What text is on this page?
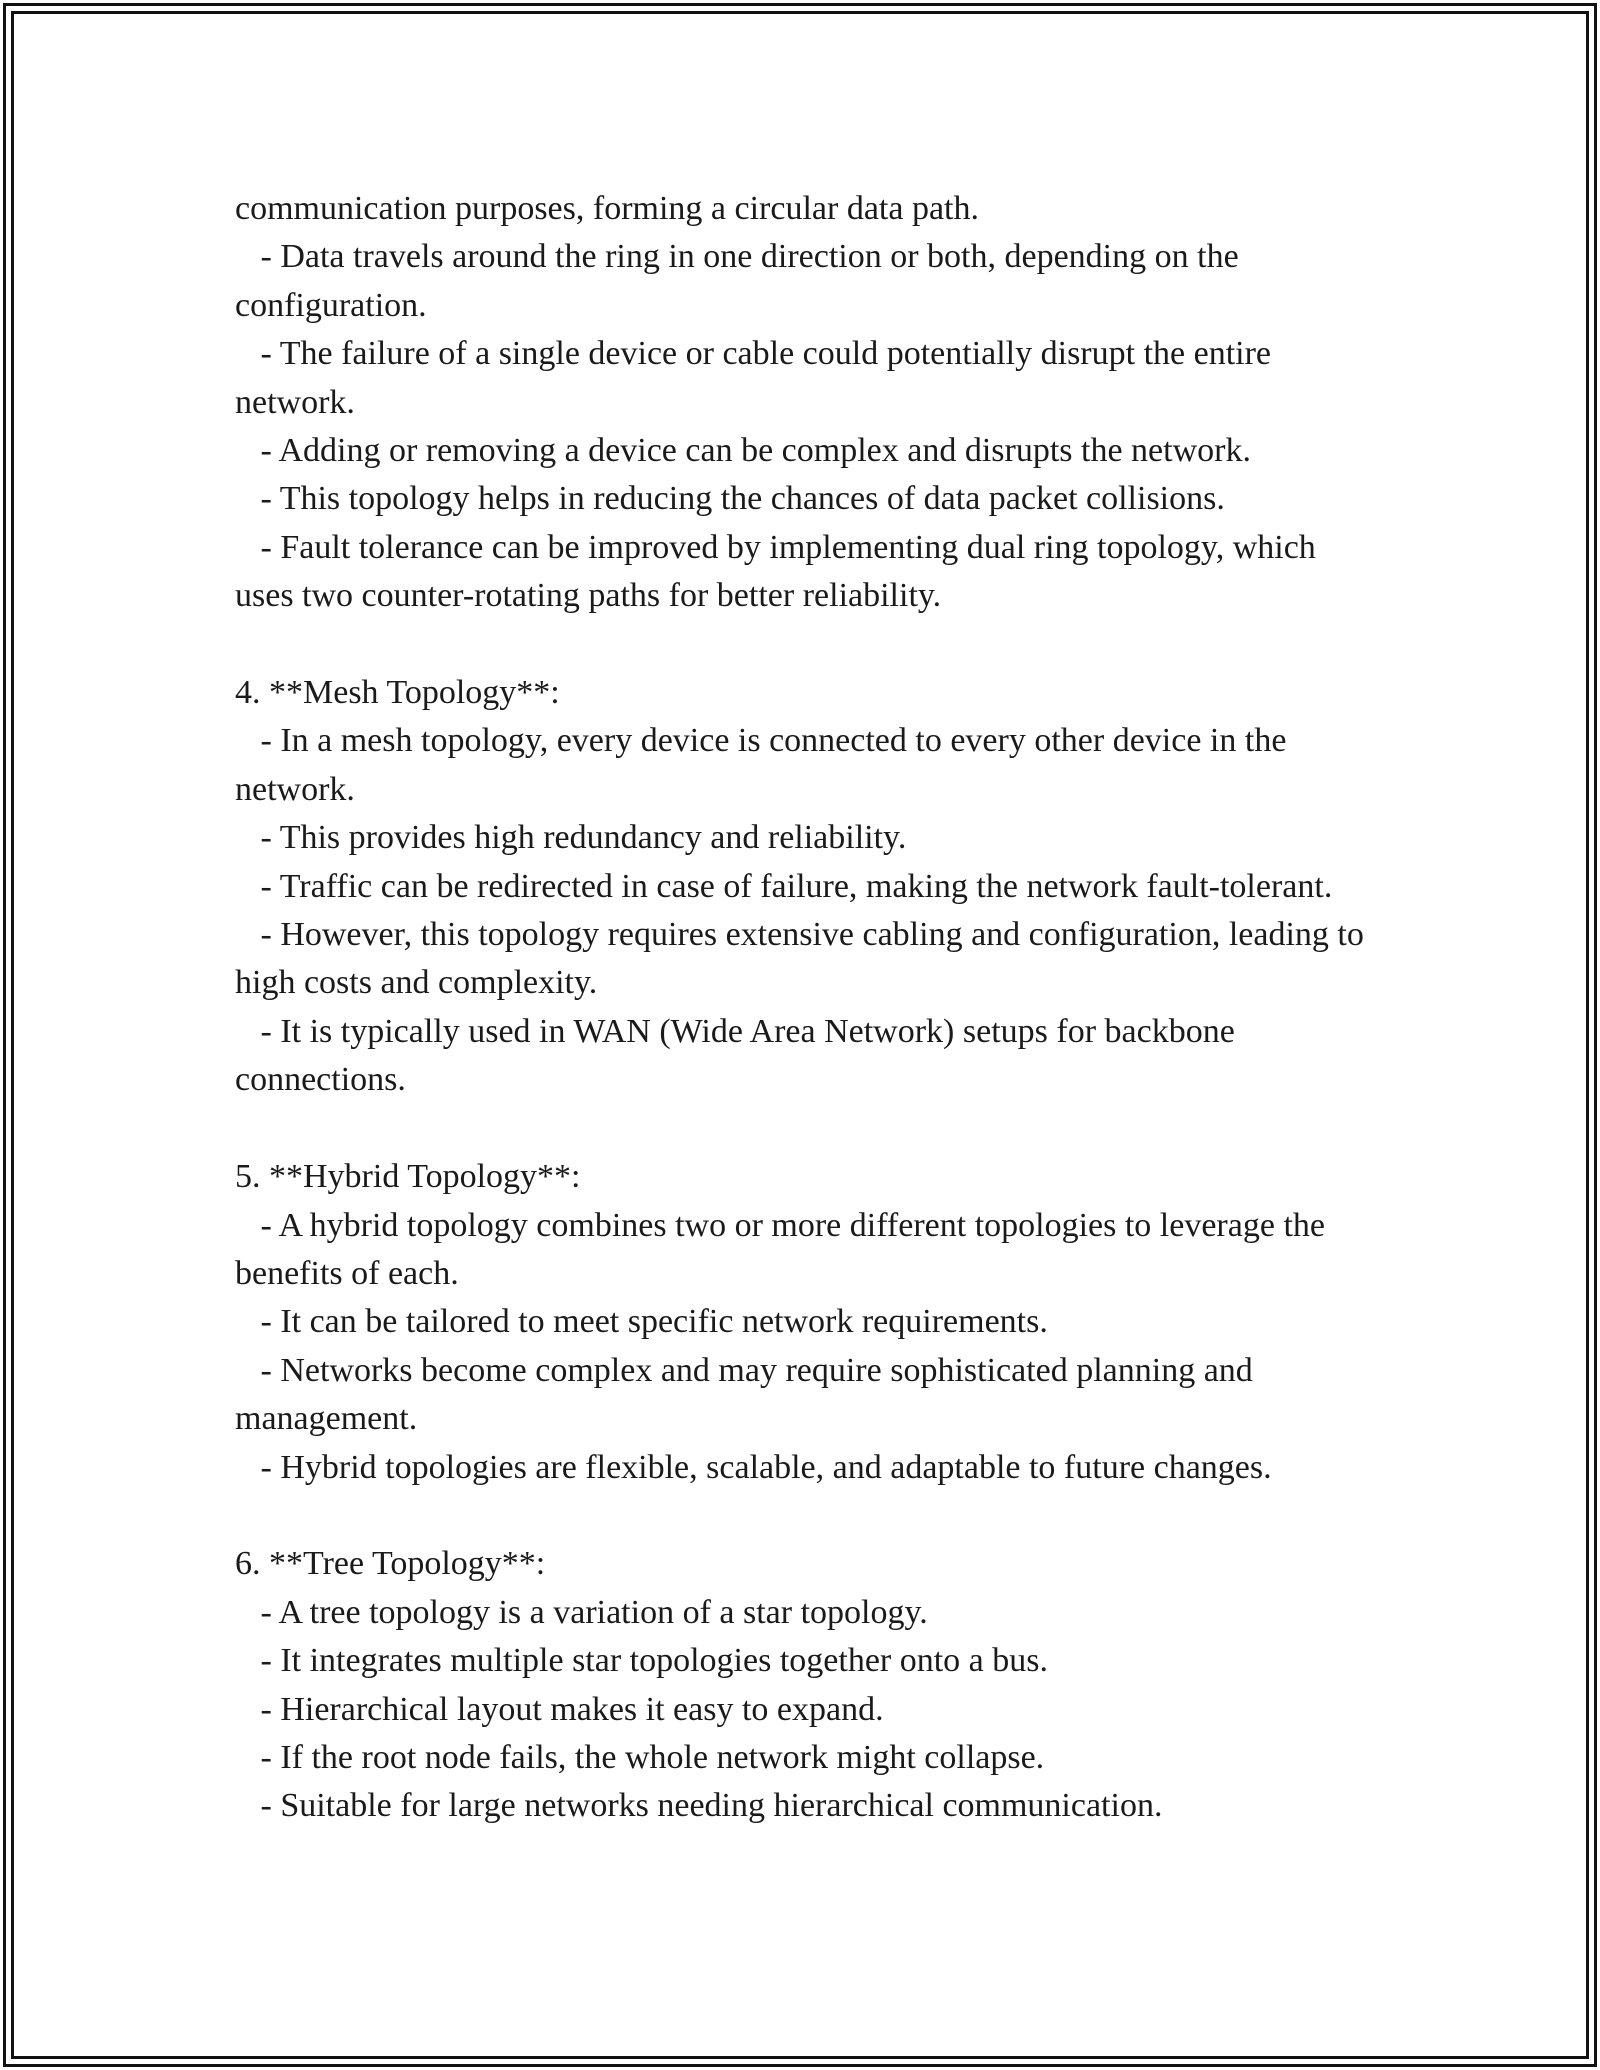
communication purposes, forming a circular data path.
- Data travels around the ring in one direction or both, depending on the configuration.
- The failure of a single device or cable could potentially disrupt the entire network.
- Adding or removing a device can be complex and disrupts the network.
- This topology helps in reducing the chances of data packet collisions.
- Fault tolerance can be improved by implementing dual ring topology, which uses two counter-rotating paths for better reliability.
4. **Mesh Topology**:
- In a mesh topology, every device is connected to every other device in the network.
- This provides high redundancy and reliability.
- Traffic can be redirected in case of failure, making the network fault-tolerant.
- However, this topology requires extensive cabling and configuration, leading to high costs and complexity.
- It is typically used in WAN (Wide Area Network) setups for backbone connections.
5. **Hybrid Topology**:
- A hybrid topology combines two or more different topologies to leverage the benefits of each.
- It can be tailored to meet specific network requirements.
- Networks become complex and may require sophisticated planning and management.
- Hybrid topologies are flexible, scalable, and adaptable to future changes.
6. **Tree Topology**:
- A tree topology is a variation of a star topology.
- It integrates multiple star topologies together onto a bus.
- Hierarchical layout makes it easy to expand.
- If the root node fails, the whole network might collapse.
- Suitable for large networks needing hierarchical communication.
